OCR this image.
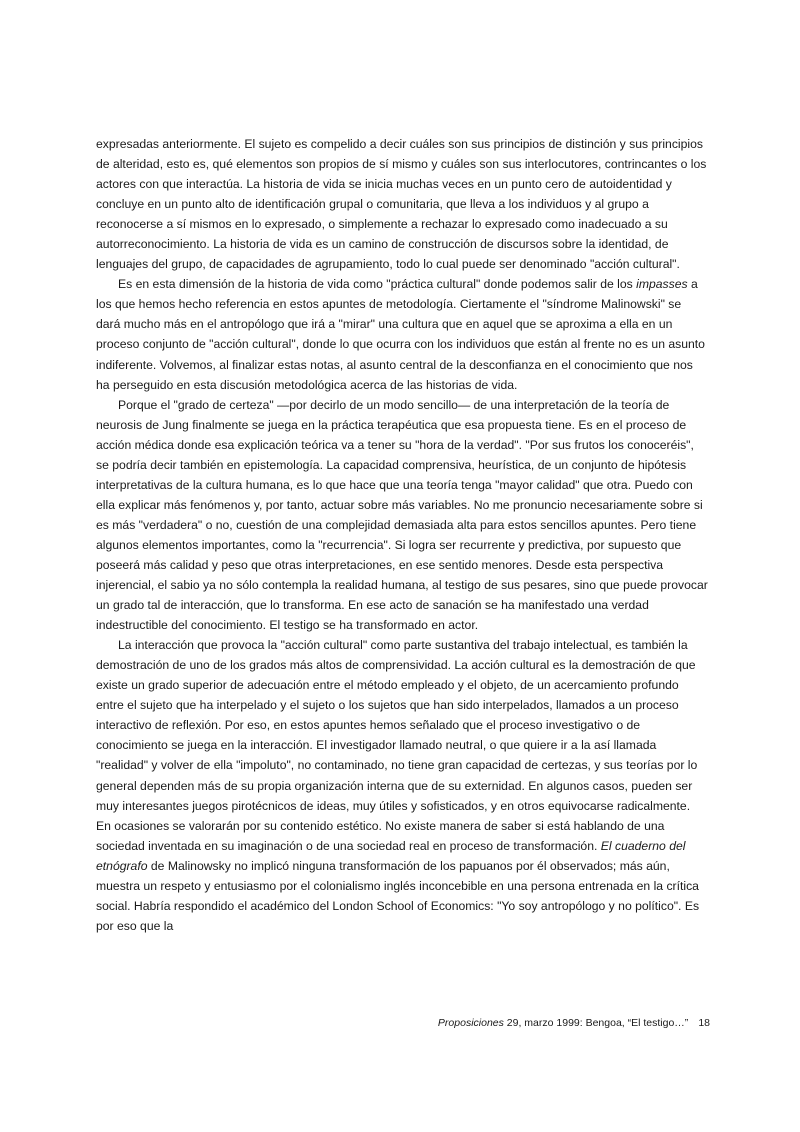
expresadas anteriormente. El sujeto es compelido a decir cuáles son sus principios de distinción y sus principios de alteridad, esto es, qué elementos son propios de sí mismo y cuáles son sus interlocutores, contrincantes o los actores con que interactúa. La historia de vida se inicia muchas veces en un punto cero de autoidentidad y concluye en un punto alto de identificación grupal o comunitaria, que lleva a los individuos y al grupo a reconocerse a sí mismos en lo expresado, o simplemente a rechazar lo expresado como inadecuado a su autorreconocimiento. La historia de vida es un camino de construcción de discursos sobre la identidad, de lenguajes del grupo, de capacidades de agrupamiento, todo lo cual puede ser denominado "acción cultural".

Es en esta dimensión de la historia de vida como "práctica cultural" donde podemos salir de los impasses a los que hemos hecho referencia en estos apuntes de metodología. Ciertamente el "síndrome Malinowski" se dará mucho más en el antropólogo que irá a "mirar" una cultura que en aquel que se aproxima a ella en un proceso conjunto de "acción cultural", donde lo que ocurra con los individuos que están al frente no es un asunto indiferente. Volvemos, al finalizar estas notas, al asunto central de la desconfianza en el conocimiento que nos ha perseguido en esta discusión metodológica acerca de las historias de vida.

Porque el "grado de certeza" —por decirlo de un modo sencillo— de una interpretación de la teoría de neurosis de Jung finalmente se juega en la práctica terapéutica que esa propuesta tiene. Es en el proceso de acción médica donde esa explicación teórica va a tener su "hora de la verdad". "Por sus frutos los conoceréis", se podría decir también en epistemología. La capacidad comprensiva, heurística, de un conjunto de hipótesis interpretativas de la cultura humana, es lo que hace que una teoría tenga "mayor calidad" que otra. Puedo con ella explicar más fenómenos y, por tanto, actuar sobre más variables. No me pronuncio necesariamente sobre si es más "verdadera" o no, cuestión de una complejidad demasiada alta para estos sencillos apuntes. Pero tiene algunos elementos importantes, como la "recurrencia". Si logra ser recurrente y predictiva, por supuesto que poseerá más calidad y peso que otras interpretaciones, en ese sentido menores. Desde esta perspectiva injerencial, el sabio ya no sólo contempla la realidad humana, al testigo de sus pesares, sino que puede provocar un grado tal de interacción, que lo transforma. En ese acto de sanación se ha manifestado una verdad indestructible del conocimiento. El testigo se ha transformado en actor.

La interacción que provoca la "acción cultural" como parte sustantiva del trabajo intelectual, es también la demostración de uno de los grados más altos de comprensividad. La acción cultural es la demostración de que existe un grado superior de adecuación entre el método empleado y el objeto, de un acercamiento profundo entre el sujeto que ha interpelado y el sujeto o los sujetos que han sido interpelados, llamados a un proceso interactivo de reflexión. Por eso, en estos apuntes hemos señalado que el proceso investigativo o de conocimiento se juega en la interacción. El investigador llamado neutral, o que quiere ir a la así llamada "realidad" y volver de ella "impoluto", no contaminado, no tiene gran capacidad de certezas, y sus teorías por lo general dependen más de su propia organización interna que de su externidad. En algunos casos, pueden ser muy interesantes juegos pirotécnicos de ideas, muy útiles y sofisticados, y en otros equivocarse radicalmente. En ocasiones se valorarán por su contenido estético. No existe manera de saber si está hablando de una sociedad inventada en su imaginación o de una sociedad real en proceso de transformación. El cuaderno del etnógrafo de Malinowsky no implicó ninguna transformación de los papuanos por él observados; más aún, muestra un respeto y entusiasmo por el colonialismo inglés inconcebible en una persona entrenada en la crítica social. Habría respondido el académico del London School of Economics: "Yo soy antropólogo y no político". Es por eso que la

Proposiciones 29, marzo 1999: Bengoa, “El testigo…” 18
